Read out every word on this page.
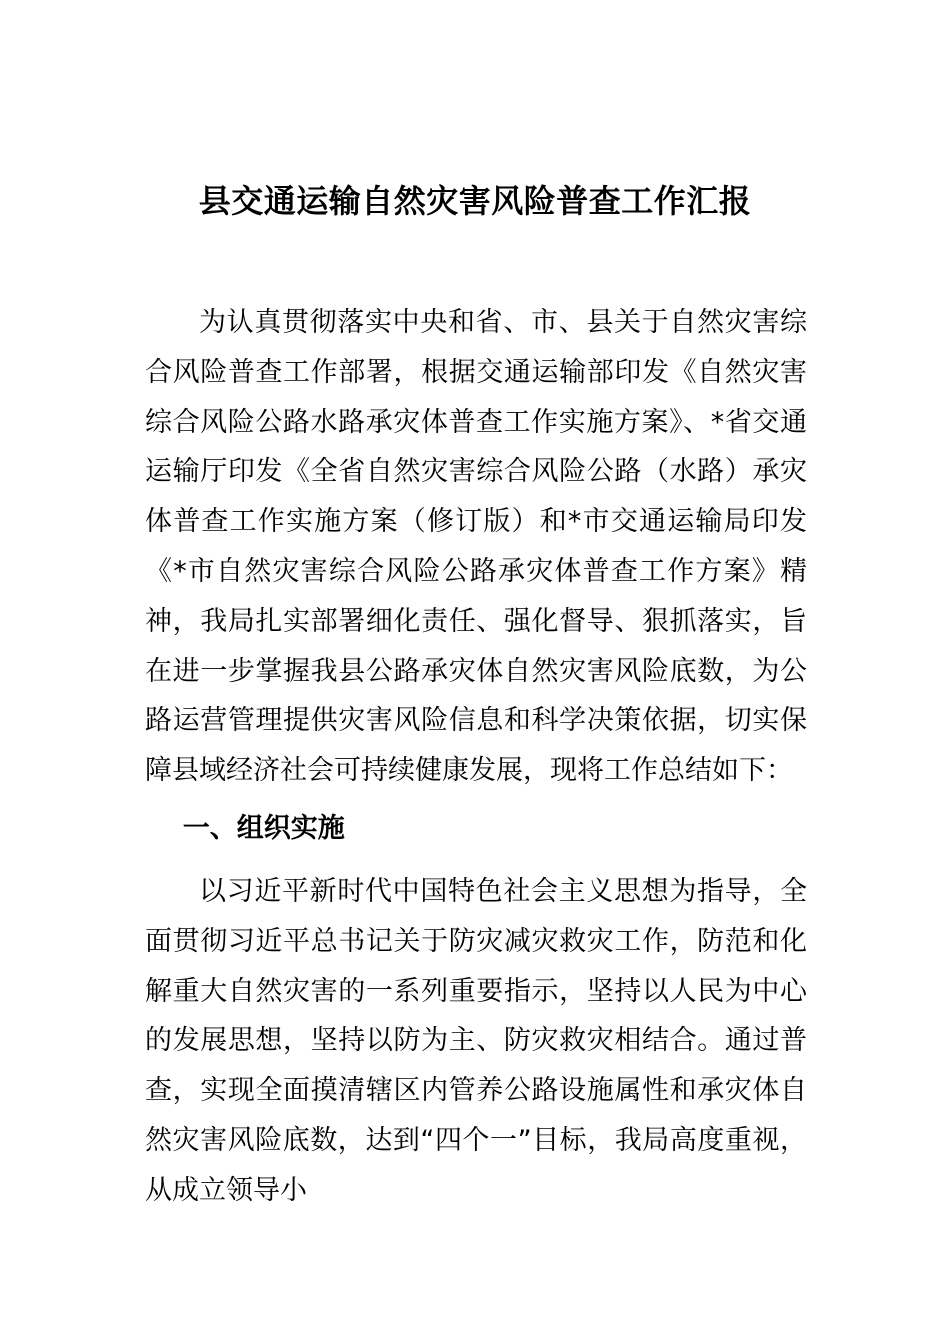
县交通运输自然灾害风险普查工作汇报

为认真贯彻落实中央和省、市、县关于自然灾害综合风险普查工作部署，根据交通运输部印发《自然灾害综合风险公路水路承灾体普查工作实施方案》、*省交通运输厅印发《全省自然灾害综合风险公路（水路）承灾体普查工作实施方案（修订版）和*市交通运输局印发《*市自然灾害综合风险公路承灾体普查工作方案》精神，我局扎实部署细化责任、强化督导、狠抓落实，旨在进一步掌握我县公路承灾体自然灾害风险底数，为公路运营管理提供灾害风险信息和科学决策依据，切实保障县域经济社会可持续健康发展，现将工作总结如下：

一、组织实施

以习近平新时代中国特色社会主义思想为指导，全面贯彻习近平总书记关于防灾减灾救灾工作，防范和化解重大自然灾害的一系列重要指示，坚持以人民为中心的发展思想，坚持以防为主、防灾救灾相结合。通过普查，实现全面摸清辖区内管养公路设施属性和承灾体自然灾害风险底数，达到“四个一”目标，我局高度重视，从成立领导小
